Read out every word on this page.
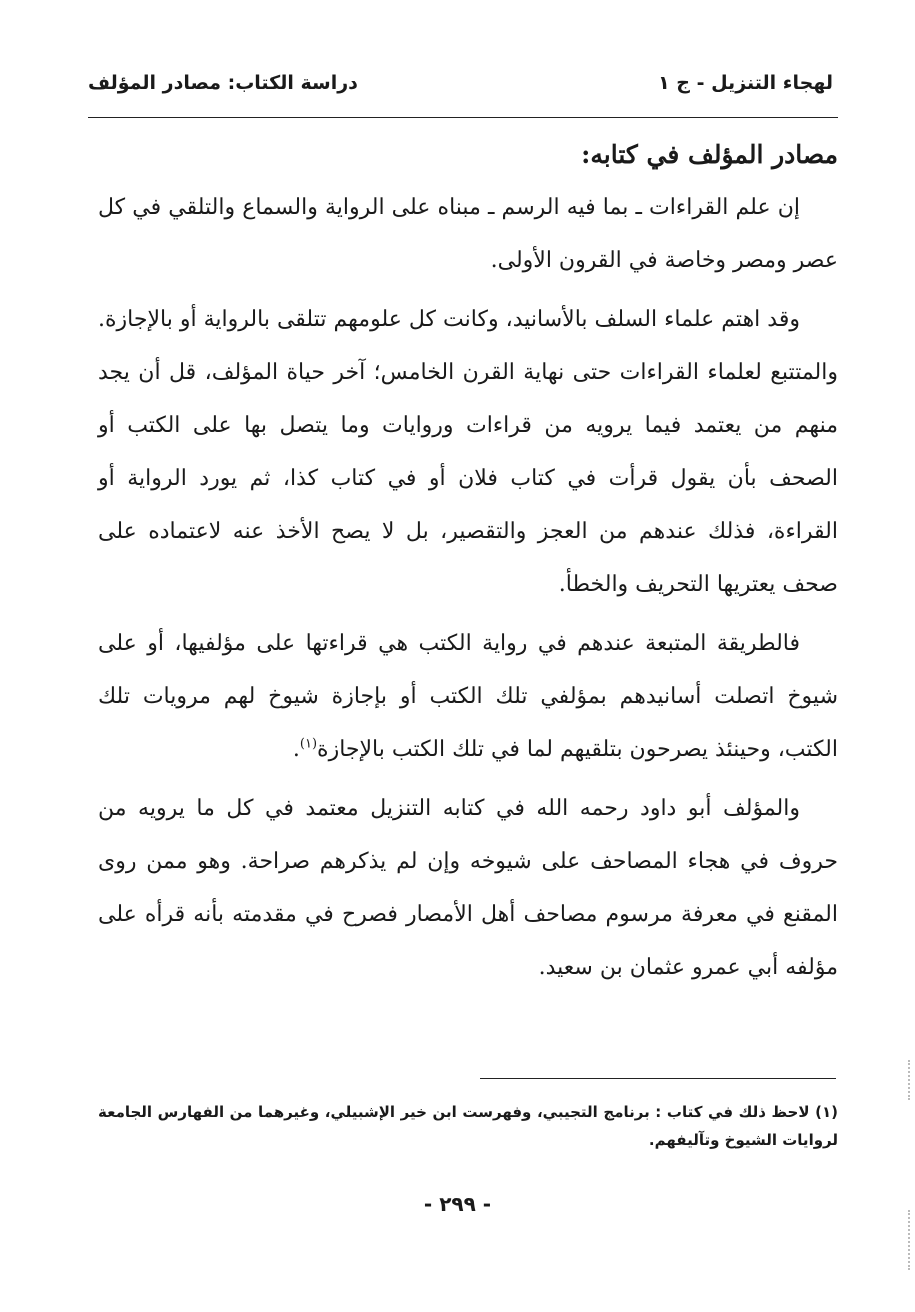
لهجاء التنزيل - ج ١
دراسة الكتاب: مصادر المؤلف

مصادر المؤلف في كتابه:

إن علم القراءات ـ بما فيه الرسم ـ مبناه على الرواية والسماع والتلقي في كل عصر ومصر وخاصة في القرون الأولى.

وقد اهتم علماء السلف بالأسانيد، وكانت كل علومهم تتلقى بالرواية أو بالإجازة. والمتتبع لعلماء القراءات حتى نهاية القرن الخامس؛ آخر حياة المؤلف، قل أن يجد منهم من يعتمد فيما يرويه من قراءات وروايات وما يتصل بها على الكتب أو الصحف بأن يقول قرأت في كتاب فلان أو في كتاب كذا، ثم يورد الرواية أو القراءة، فذلك عندهم من العجز والتقصير، بل لا يصح الأخذ عنه لاعتماده على صحف يعتريها التحريف والخطأ.

فالطريقة المتبعة عندهم في رواية الكتب هي قراءتها على مؤلفيها، أو على شيوخ اتصلت أسانيدهم بمؤلفي تلك الكتب أو بإجازة شيوخ لهم مرويات تلك الكتب، وحينئذ يصرحون بتلقيهم لما في تلك الكتب بالإجازة$^{(١)}$.

والمؤلف أبو داود رحمه الله في كتابه التنزيل معتمد في كل ما يرويه من حروف في هجاء المصاحف على شيوخه وإن لم يذكرهم صراحة. وهو ممن روى المقنع في معرفة مرسوم مصاحف أهل الأمصار فصرح في مقدمته بأنه قرأه على مؤلفه أبي عمرو عثمان بن سعيد.

(١) لاحظ ذلك في كتاب : برنامج التجيبي، وفهرست ابن خير الإشبيلي، وغيرهما من الفهارس الجامعة لروايات الشيوخ وتآليفهم.
- ٢٩٩ -
